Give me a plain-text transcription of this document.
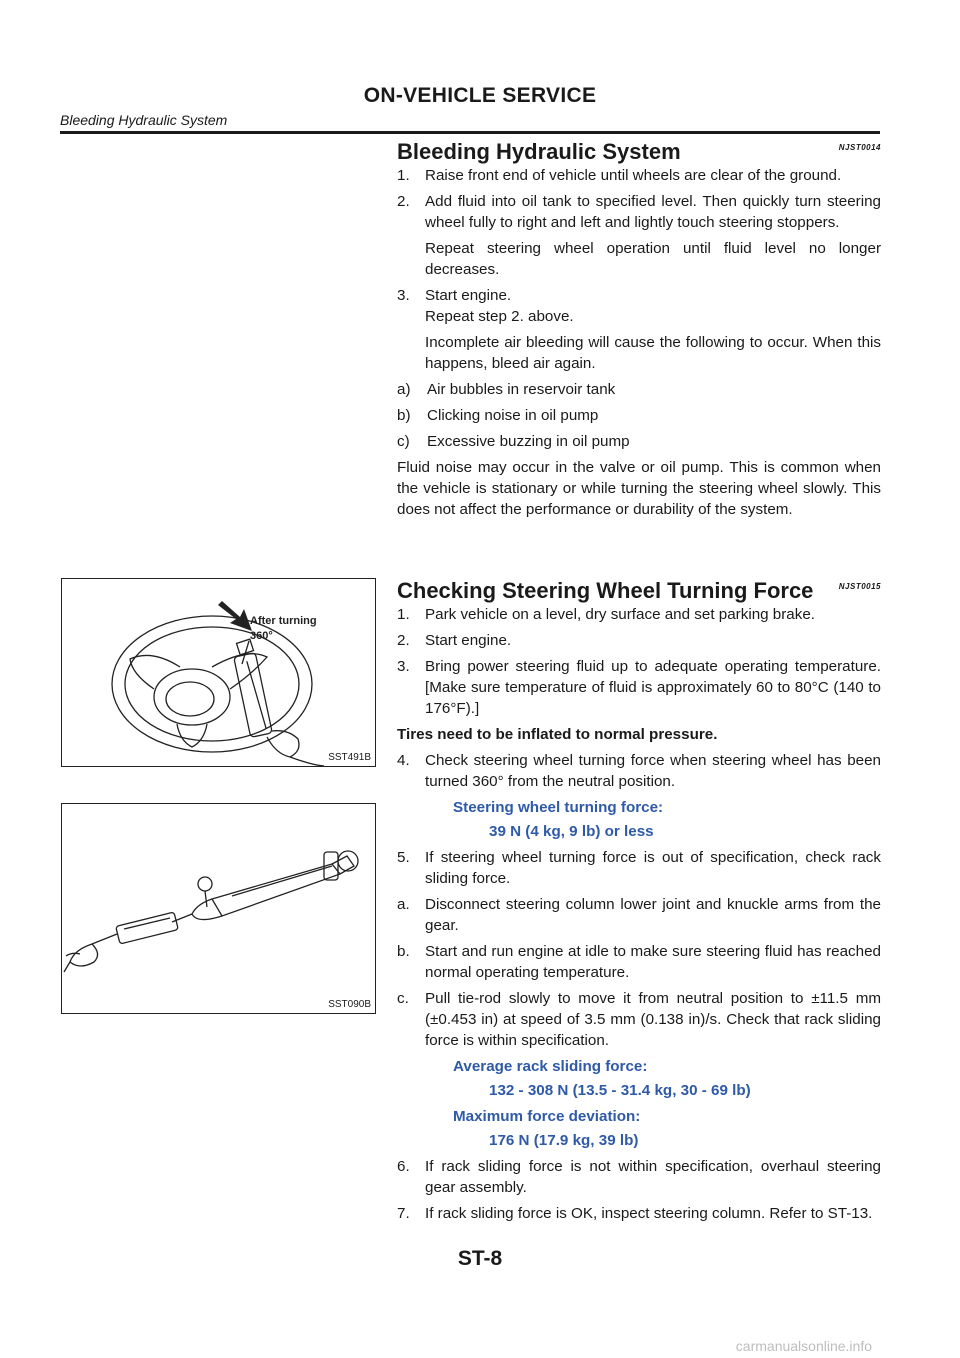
ON-VEHICLE SERVICE
Bleeding Hydraulic System
Bleeding Hydraulic System	NJST0014
1. Raise front end of vehicle until wheels are clear of the ground.
2. Add fluid into oil tank to specified level. Then quickly turn steering wheel fully to right and left and lightly touch steering stoppers.
Repeat steering wheel operation until fluid level no longer decreases.
3. Start engine.
Repeat step 2. above.
Incomplete air bleeding will cause the following to occur. When this happens, bleed air again.
a) Air bubbles in reservoir tank
b) Clicking noise in oil pump
c) Excessive buzzing in oil pump

Fluid noise may occur in the valve or oil pump. This is common when the vehicle is stationary or while turning the steering wheel slowly. This does not affect the performance or durability of the system.

Checking Steering Wheel Turning Force	NJST0015
1. Park vehicle on a level, dry surface and set parking brake.
2. Start engine.
3. Bring power steering fluid up to adequate operating temperature. [Make sure temperature of fluid is approximately 60 to 80°C (140 to 176°F).]

Tires need to be inflated to normal pressure.

4. Check steering wheel turning force when steering wheel has been turned 360° from the neutral position.
Steering wheel turning force:
39 N (4 kg, 9 lb) or less
5. If steering wheel turning force is out of specification, check rack sliding force.
a. Disconnect steering column lower joint and knuckle arms from the gear.
b. Start and run engine at idle to make sure steering fluid has reached normal operating temperature.
c. Pull tie-rod slowly to move it from neutral position to ±11.5 mm (±0.453 in) at speed of 3.5 mm (0.138 in)/s. Check that rack sliding force is within specification.
Average rack sliding force:
132 - 308 N (13.5 - 31.4 kg, 30 - 69 lb)
Maximum force deviation:
176 N (17.9 kg, 39 lb)
6. If rack sliding force is not within specification, overhaul steering gear assembly.
7. If rack sliding force is OK, inspect steering column. Refer to ST-13.
After turning
360°
SST491B
SST090B
ST-8
carmanualsonline.info
